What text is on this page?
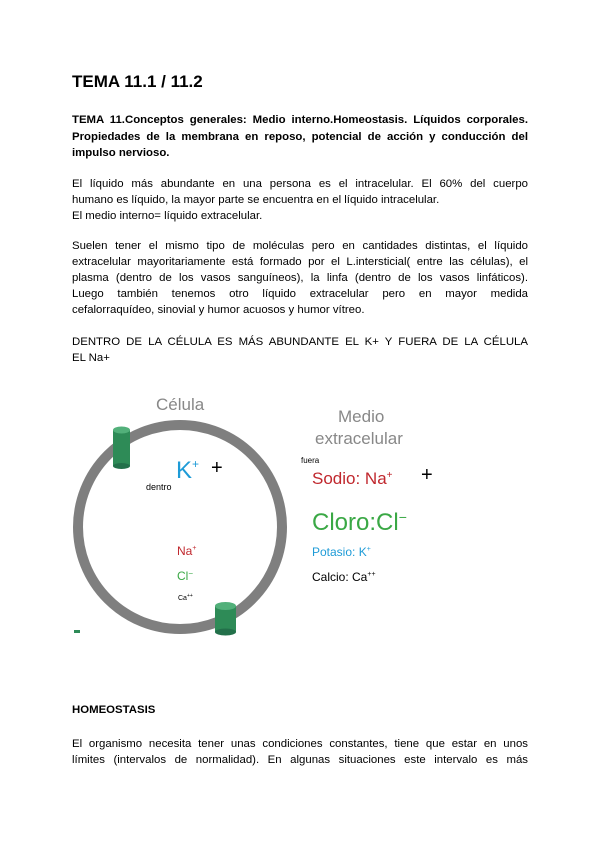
TEMA 11.1 / 11.2

TEMA 11.Conceptos generales: Medio interno.Homeostasis. Líquidos corporales. Propiedades de la membrana en reposo, potencial de acción y conducción del impulso nervioso.

El líquido más abundante en una persona es el intracelular. El 60% del cuerpo
humano es líquido, la mayor parte se encuentra en el líquido intracelular.
El medio interno= líquido extracelular.
Suelen tener el mismo tipo de moléculas pero en cantidades distintas, el líquido
extracelular mayoritariamente está formado por el L.intersticial( entre las células), el
plasma (dentro de los vasos sanguíneos), la linfa (dentro de los vasos linfáticos).
Luego también tenemos otro líquido extracelular pero en mayor medida
cefalorraquídeo, sinovial y humor acuosos y humor vítreo.
DENTRO DE LA CÉLULA ES MÁS ABUNDANTE EL K+ Y FUERA DE LA CÉLULA
EL Na+
Célula
Medio
extracelular
dentro
fuera
K+ +
Na+
Cl−
Ca++
Sodio: Na+ +
Cloro:Cl−
Potasio: K+
Calcio: Ca++
HOMEOSTASIS
El organismo necesita tener unas condiciones constantes, tiene que estar en unos
límites (intervalos de normalidad). En algunas situaciones este intervalo es más
